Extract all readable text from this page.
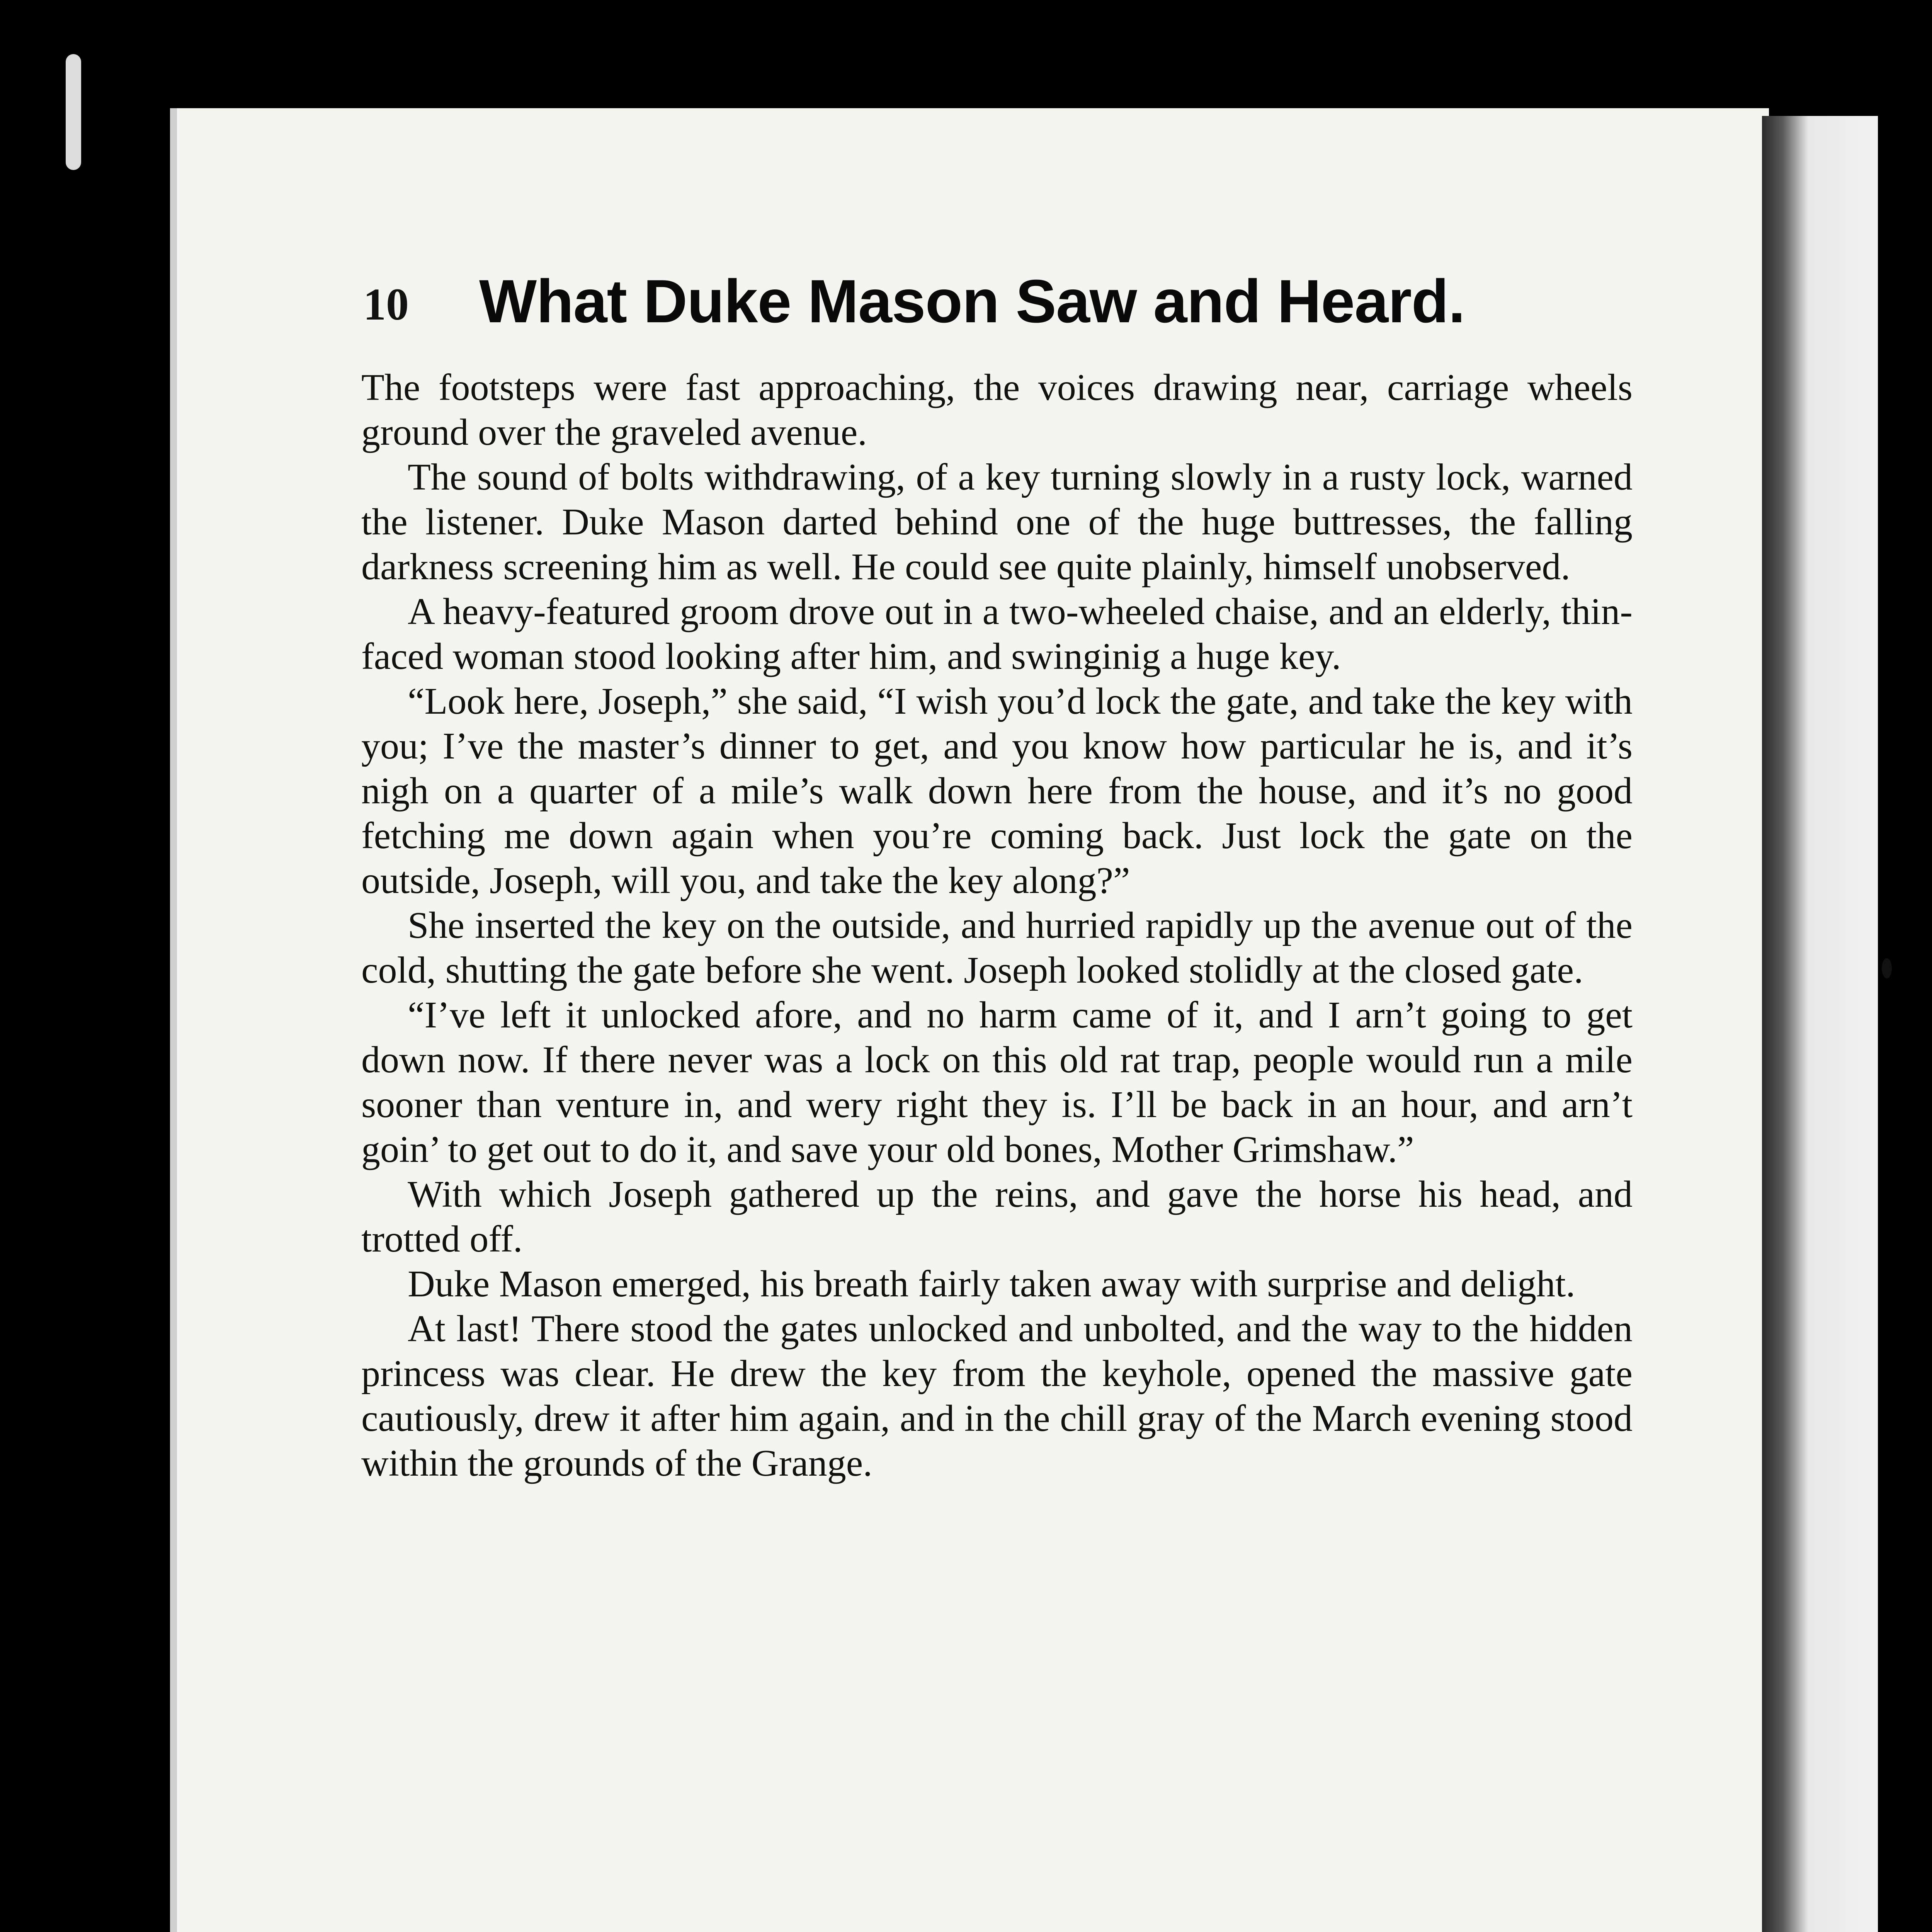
10 What Duke Mason Saw and Heard.

The footsteps were fast approaching, the voices drawing near, carriage wheels ground over the graveled avenue.

The sound of bolts withdrawing, of a key turning slowly in a rusty lock, warned the listener. Duke Mason darted behind one of the huge buttresses, the falling darkness screening him as well. He could see quite plainly, himself unobserved.

A heavy-featured groom drove out in a two-wheeled chaise, and an elderly, thin-faced woman stood looking after him, and swinginig a huge key.

“Look here, Joseph,” she said, “I wish you’d lock the gate, and take the key with you; I’ve the master’s dinner to get, and you know how particular he is, and it’s nigh on a quarter of a mile’s walk down here from the house, and it’s no good fetching me down again when you’re coming back. Just lock the gate on the outside, Joseph, will you, and take the key along?”

She inserted the key on the outside, and hurried rapidly up the avenue out of the cold, shutting the gate before she went. Joseph looked stolidly at the closed gate.

“I’ve left it unlocked afore, and no harm came of it, and I arn’t going to get down now. If there never was a lock on this old rat trap, people would run a mile sooner than venture in, and wery right they is. I’ll be back in an hour, and arn’t goin’ to get out to do it, and save your old bones, Mother Grimshaw.”

With which Joseph gathered up the reins, and gave the horse his head, and trotted off.

Duke Mason emerged, his breath fairly taken away with surprise and delight.

At last! There stood the gates unlocked and unbolted, and the way to the hidden princess was clear. He drew the key from the keyhole, opened the massive gate cautiously, drew it after him again, and in the chill gray of the March evening stood within the grounds of the Grange.
